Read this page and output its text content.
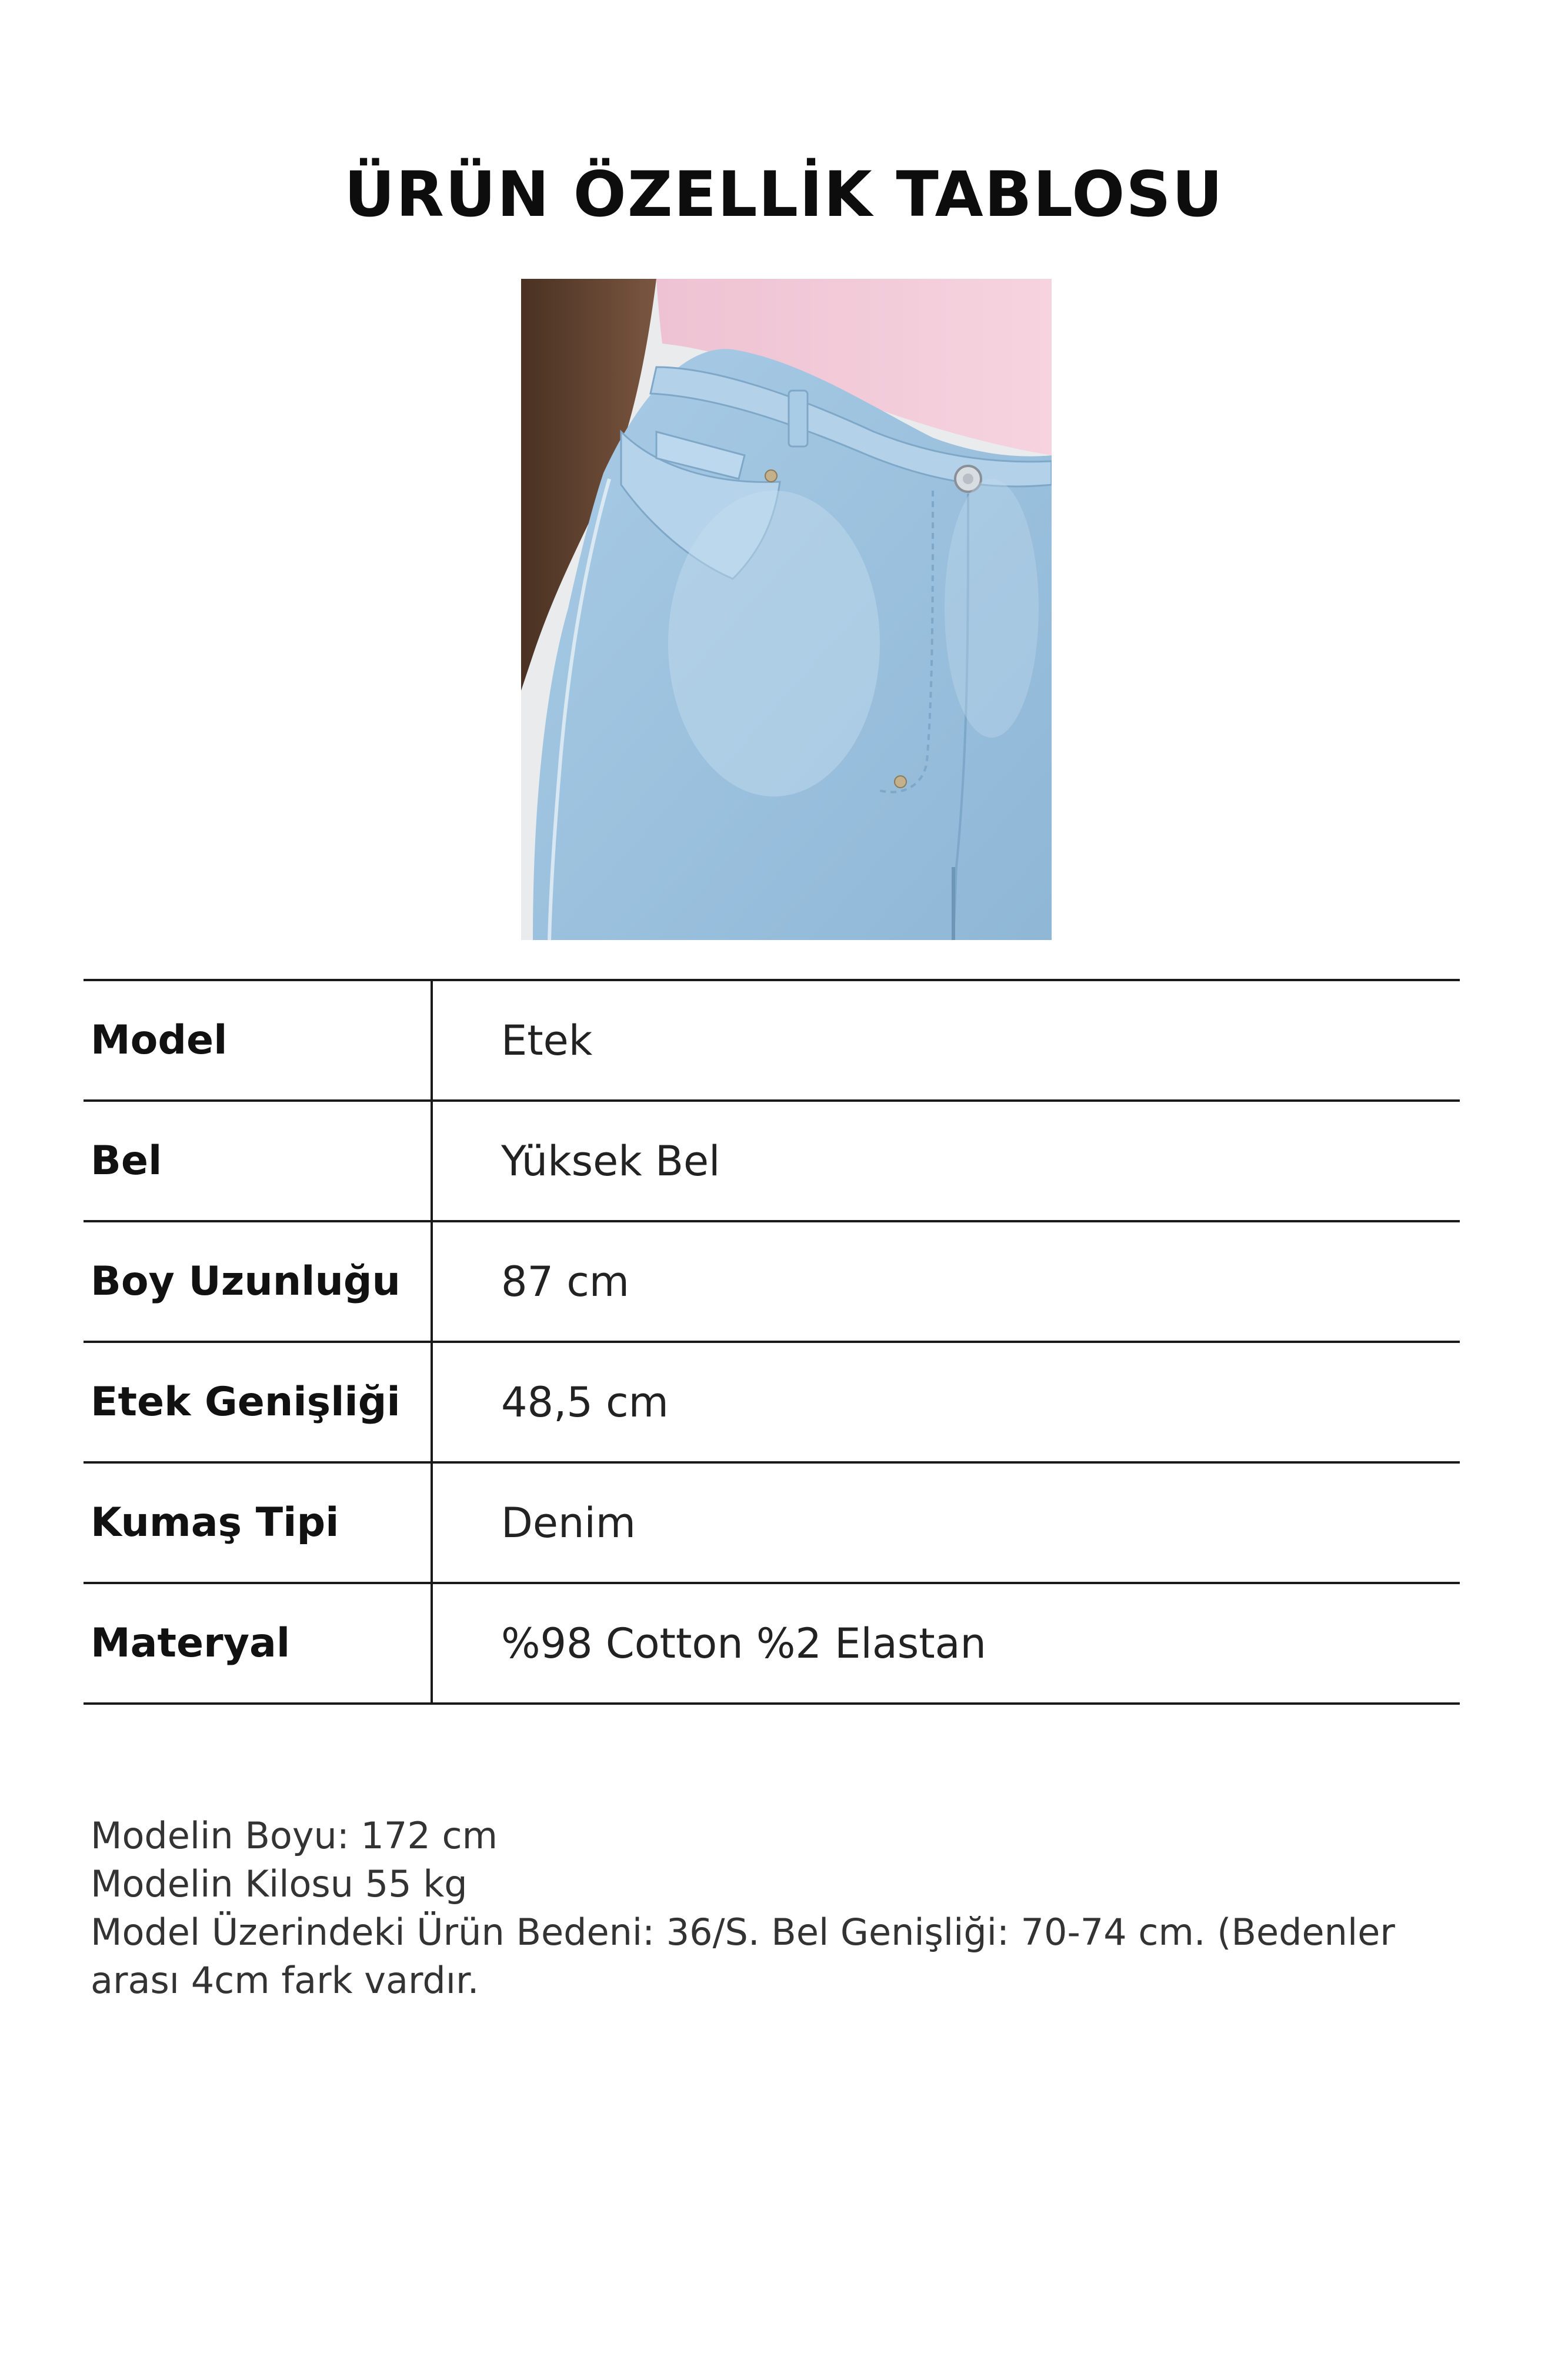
ÜRÜN ÖZELLİK TABLOSU
Model	Etek
Bel	Yüksek Bel
Boy Uzunluğu 87 cm
Etek Genişliği 48,5 cm
Kumaş Tipi	Denim
Materyal	%98 Cotton %2 Elastan
Modelin Boyu: 172 cm
Modelin Kilosu 55 kg
Model Üzerindeki Ürün Bedeni: 36/S. Bel Genişliği: 70-74 cm. (Bedenler
arası 4cm fark vardır.
